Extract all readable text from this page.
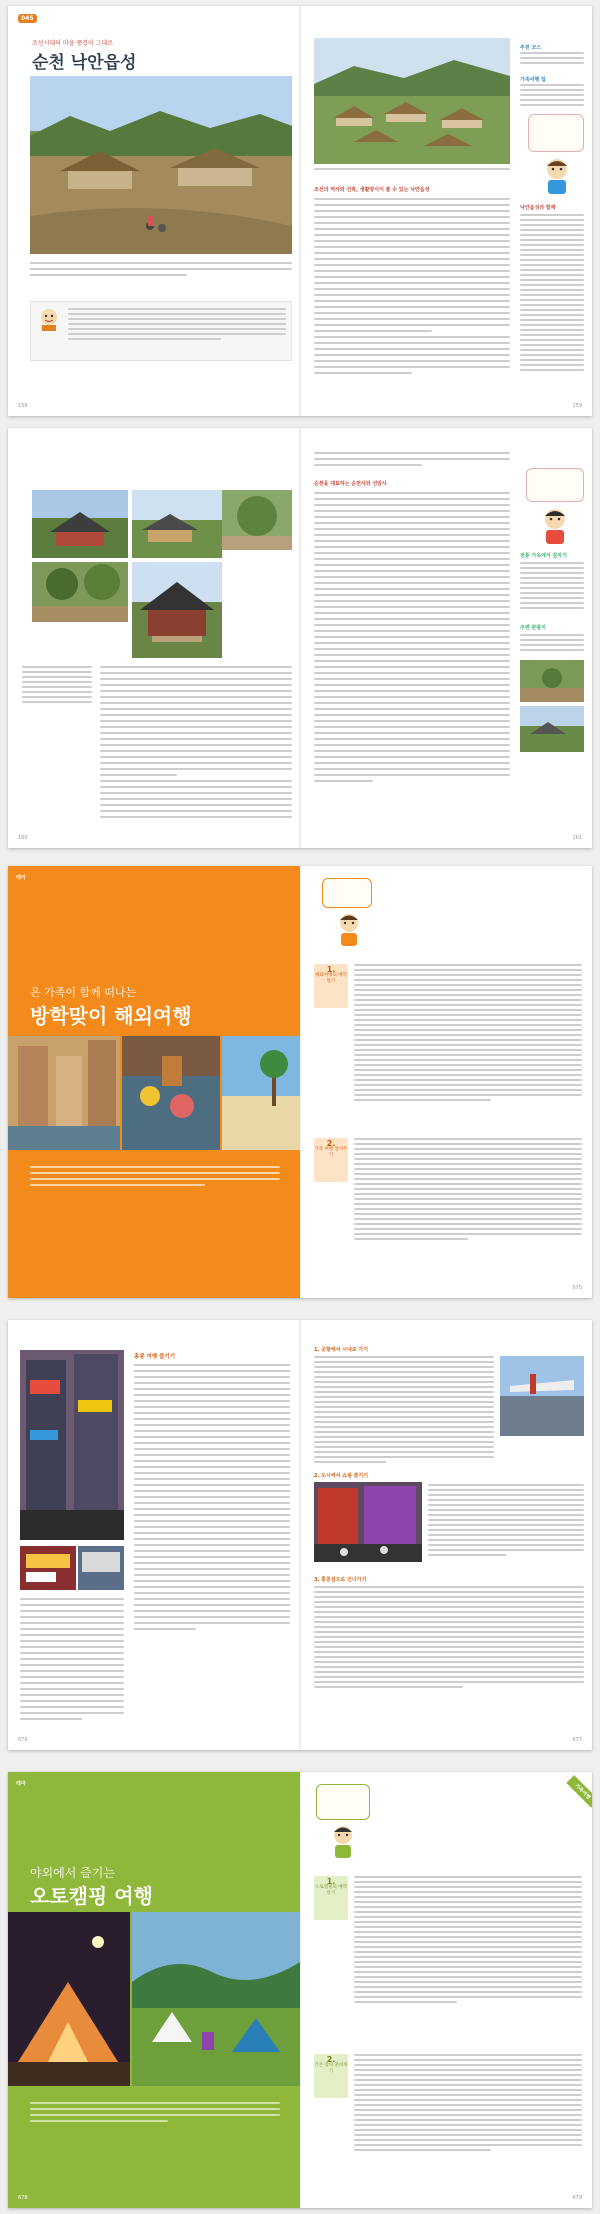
045
조선시대의 마을 풍경이 그대로
순천 낙안읍성
158
조선의 역사와 건축, 생활양식이 볼 수 있는 낙안읍성
추천 코스
가족여행 팁
낙안읍성과 함께
159
160
순천을 대표하는 순천사와 선암사
전통 가옥에서 잠자기
주변 관광지
161
테마
온 가족이 함께 떠나는
방학맞이 해외여행
1.
해외여행의 매력 알기
2.
가족 여행 알아두기
675
홍콩 여행 즐기기
676
1. 공항에서 시내로 가기
2. 도시에서 쇼핑 즐기기
3. 홍콩섬으로 건너가기
677
테마
야외에서 즐기는
오토캠핑 여행
678
가족여행
1.
오토캠핑의 매력 알기
2.
기본 장비 준비하기
679
